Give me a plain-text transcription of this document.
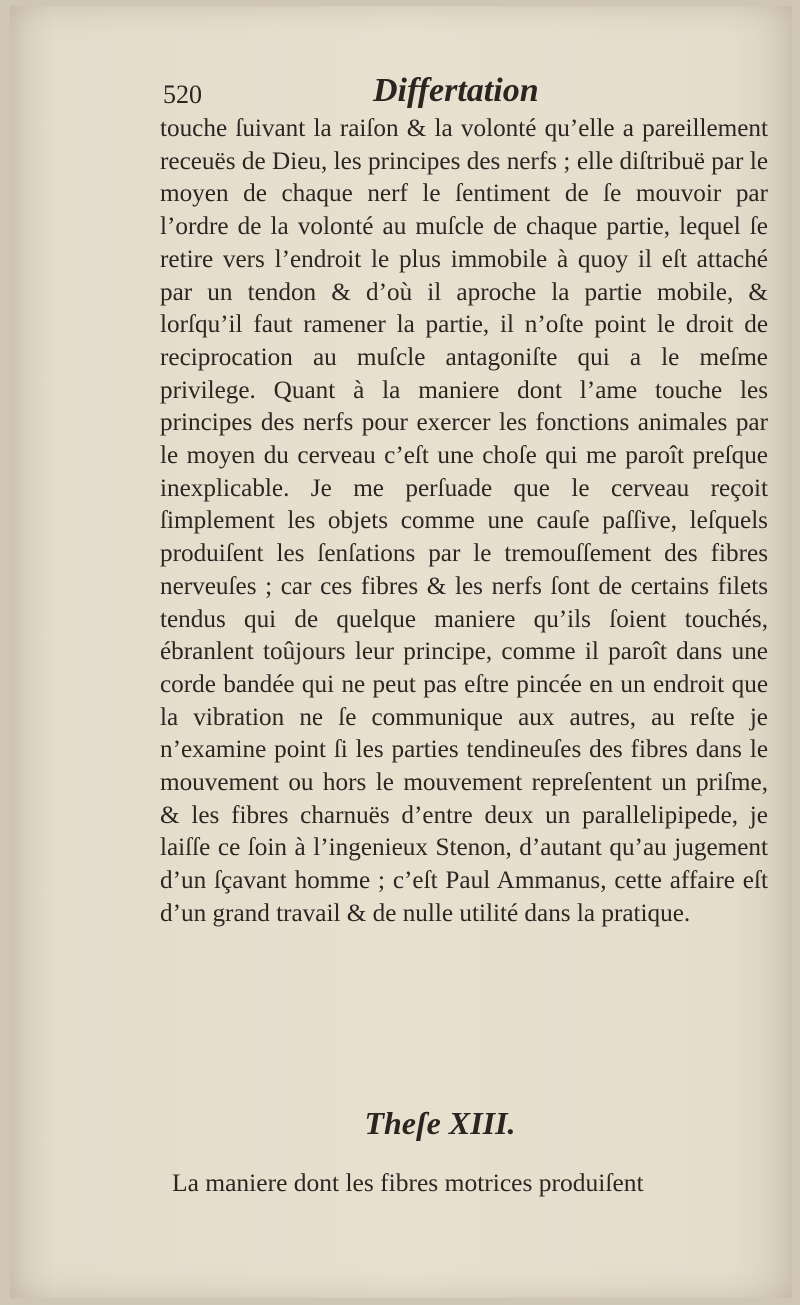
520	Differtation

touche ſuivant la raiſon & la volonté qu’elle a pareillement receuës de Dieu, les principes des nerfs ; elle diſtribuë par le moyen de chaque nerf le ſentiment de ſe mouvoir par l’ordre de la volonté au muſcle de chaque partie, lequel ſe retire vers l’endroit le plus immobile à quoy il eſt attaché par un tendon & d’où il aproche la partie mobile, & lorſqu’il faut ramener la partie, il n’oſte point le droit de reciprocation au muſcle antagoniſte qui a le meſme privilege. Quant à la maniere dont l’ame touche les principes des nerfs pour exercer les fonctions animales par le moyen du cerveau c’eſt une choſe qui me paroît preſque inexplicable. Je me perſuade que le cerveau reçoit ſimplement les objets comme une cauſe paſſive, leſquels produiſent les ſenſations par le tremouſſement des fibres nerveuſes ; car ces fibres & les nerfs ſont de certains filets tendus qui de quelque maniere qu’ils ſoient touchés, ébranlent toûjours leur principe, comme il paroît dans une corde bandée qui ne peut pas eſtre pincée en un endroit que la vibration ne ſe communique aux autres, au reſte je n’examine point ſi les parties tendineuſes des fibres dans le mouvement ou hors le mouvement repreſentent un priſme, & les fibres charnuës d’entre deux un parallelipipede, je laiſſe ce ſoin à l’ingenieux Stenon, d’autant qu’au jugement d’un ſçavant homme ; c’eſt Paul Ammanus, cette affaire eſt d’un grand travail & de nulle utilité dans la pratique.

Theſe XIII.
La maniere dont les fibres motrices produiſent
